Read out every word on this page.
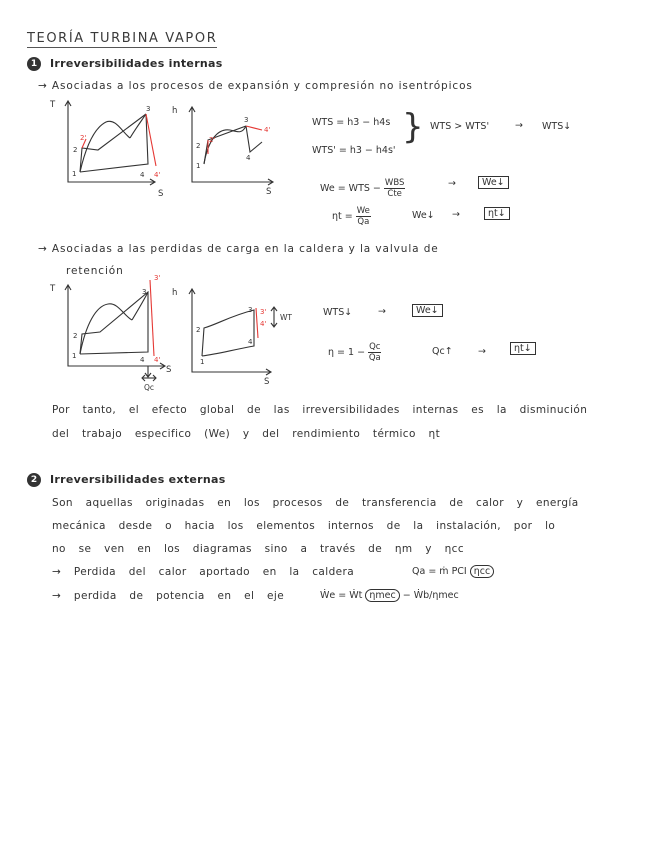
TEORÍA TURBINA VAPOR
1	Irreversibilidades internas
→ Asociadas a los procesos de expansión y compresión no isentrópicos
T
S
1
2
2'
3
4 4'
h
S
1
2
2'
3
4
4'
WTS = h3 − h4s
WTS' = h3 − h4s'
} WTS > WTS'	→ WTS↓
We = WTS − $\frac{\text{WBS}}{\text{Cte}}$	→	We↓
$\eta t = \frac{We}{Qa}$	We↓ →	ηt↓
→ Asociadas a las perdidas de carga en la caldera y la valvula de
retención
T
S
1
2
3
3'
4 4'
Qc
h
S
1
2
3 3'
4
4'
WT	WTS↓	→	We↓
$\eta = 1 - \frac{Qc}{Qa}$	Qc↑	→	ηt↓
Por tanto, el efecto global de las irreversibilidades internas es la disminución
del trabajo especifico (We) y del rendimiento térmico ηt
2	Irreversibilidades externas
Son aquellas originadas en los procesos de transferencia de calor y energía
mecánica desde o hacia los elementos internos de la instalación, por lo
no se ven en los diagramas sino a través de ηm y ηcc
→ Perdida del calor aportado en la caldera	Qa = ṁ PCI ηcc
→ perdida de potencia en el eje	Ẇe = Ẇt ηmec − Ẇb/ηmec
